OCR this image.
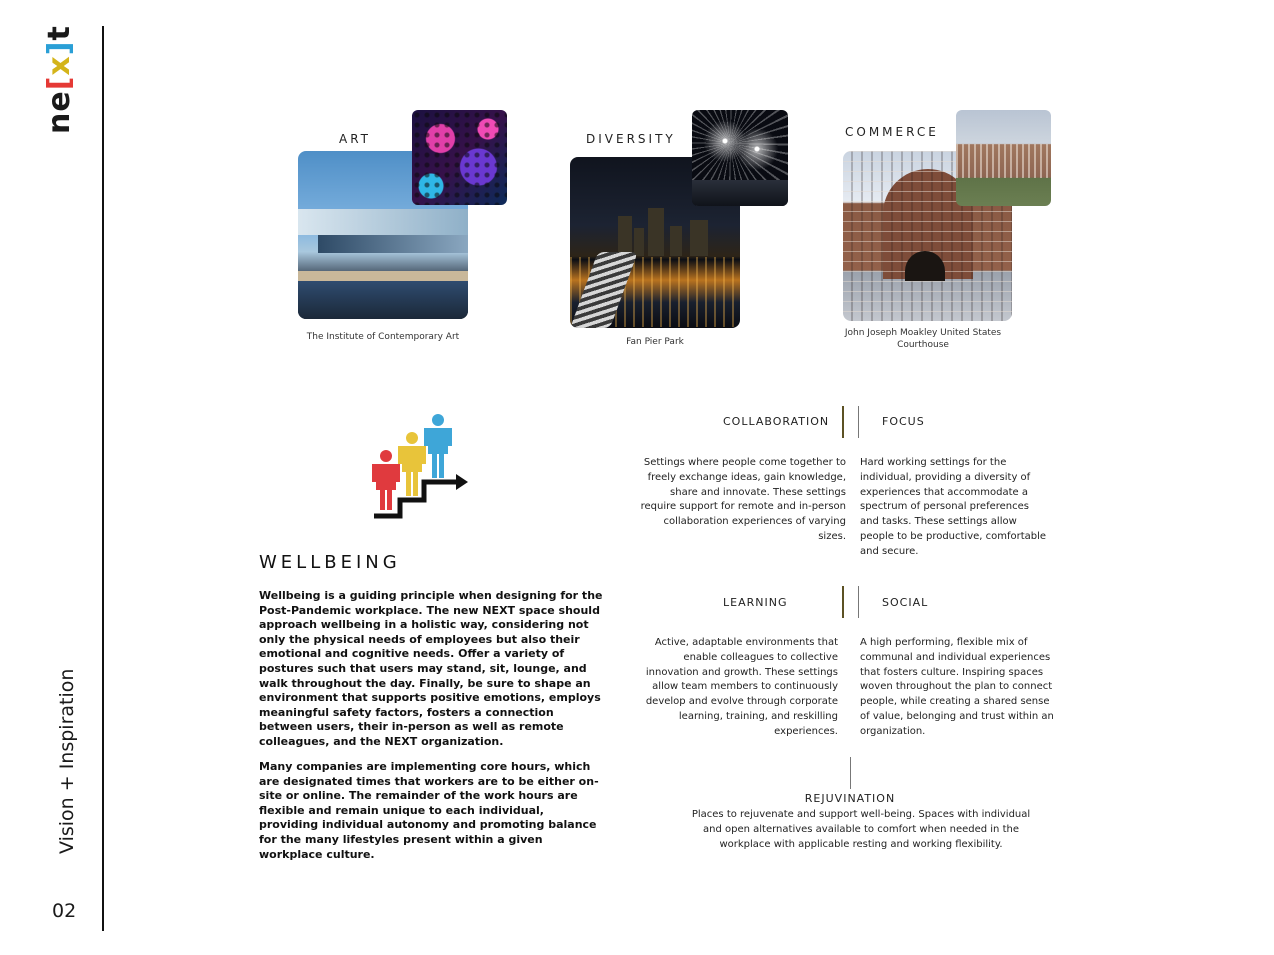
ne[x]t
Vision + Inspiration
02
ART
The Institute of Contemporary Art
DIVERSITY
Fan Pier Park
COMMERCE
John Joseph Moakley United States Courthouse
WELLBEING

Wellbeing is a guiding principle when designing for the Post-Pandemic workplace. The new NEXT space should approach wellbeing in a holistic way, considering not only the physical needs of employees but also their emotional and cognitive needs. Offer a variety of postures such that users may stand, sit, lounge, and walk throughout the day. Finally, be sure to shape an environment that supports positive emotions, employs meaningful safety factors, fosters a connection between users, their in-person as well as remote colleagues, and the NEXT organization.

Many companies are implementing core hours, which are designated times that workers are to be either on-site or online. The remainder of the work hours are flexible and remain unique to each individual, providing individual autonomy and promoting balance for the many lifestyles present within a given workplace culture.

COLLABORATION	FOCUS

Settings where people come together to freely exchange ideas, gain knowledge, share and innovate. These settings require support for remote and in-person collaboration experiences of varying sizes.

Hard working settings for the individual, providing a diversity of experiences that accommodate a spectrum of personal preferences and tasks. These settings allow people to be productive, comfortable and secure.

LEARNING	SOCIAL

Active, adaptable environments that enable colleagues to collective innovation and growth. These settings allow team members to continuously develop and evolve through corporate learning, training, and reskilling experiences.

A high performing, flexible mix of communal and individual experiences that fosters culture. Inspiring spaces woven throughout the plan to connect people, while creating a shared sense of value, belonging and trust within an organization.

REJUVINATION

Places to rejuvenate and support well-being. Spaces with individual and open alternatives available to comfort when needed in the workplace with applicable resting and working flexibility.
